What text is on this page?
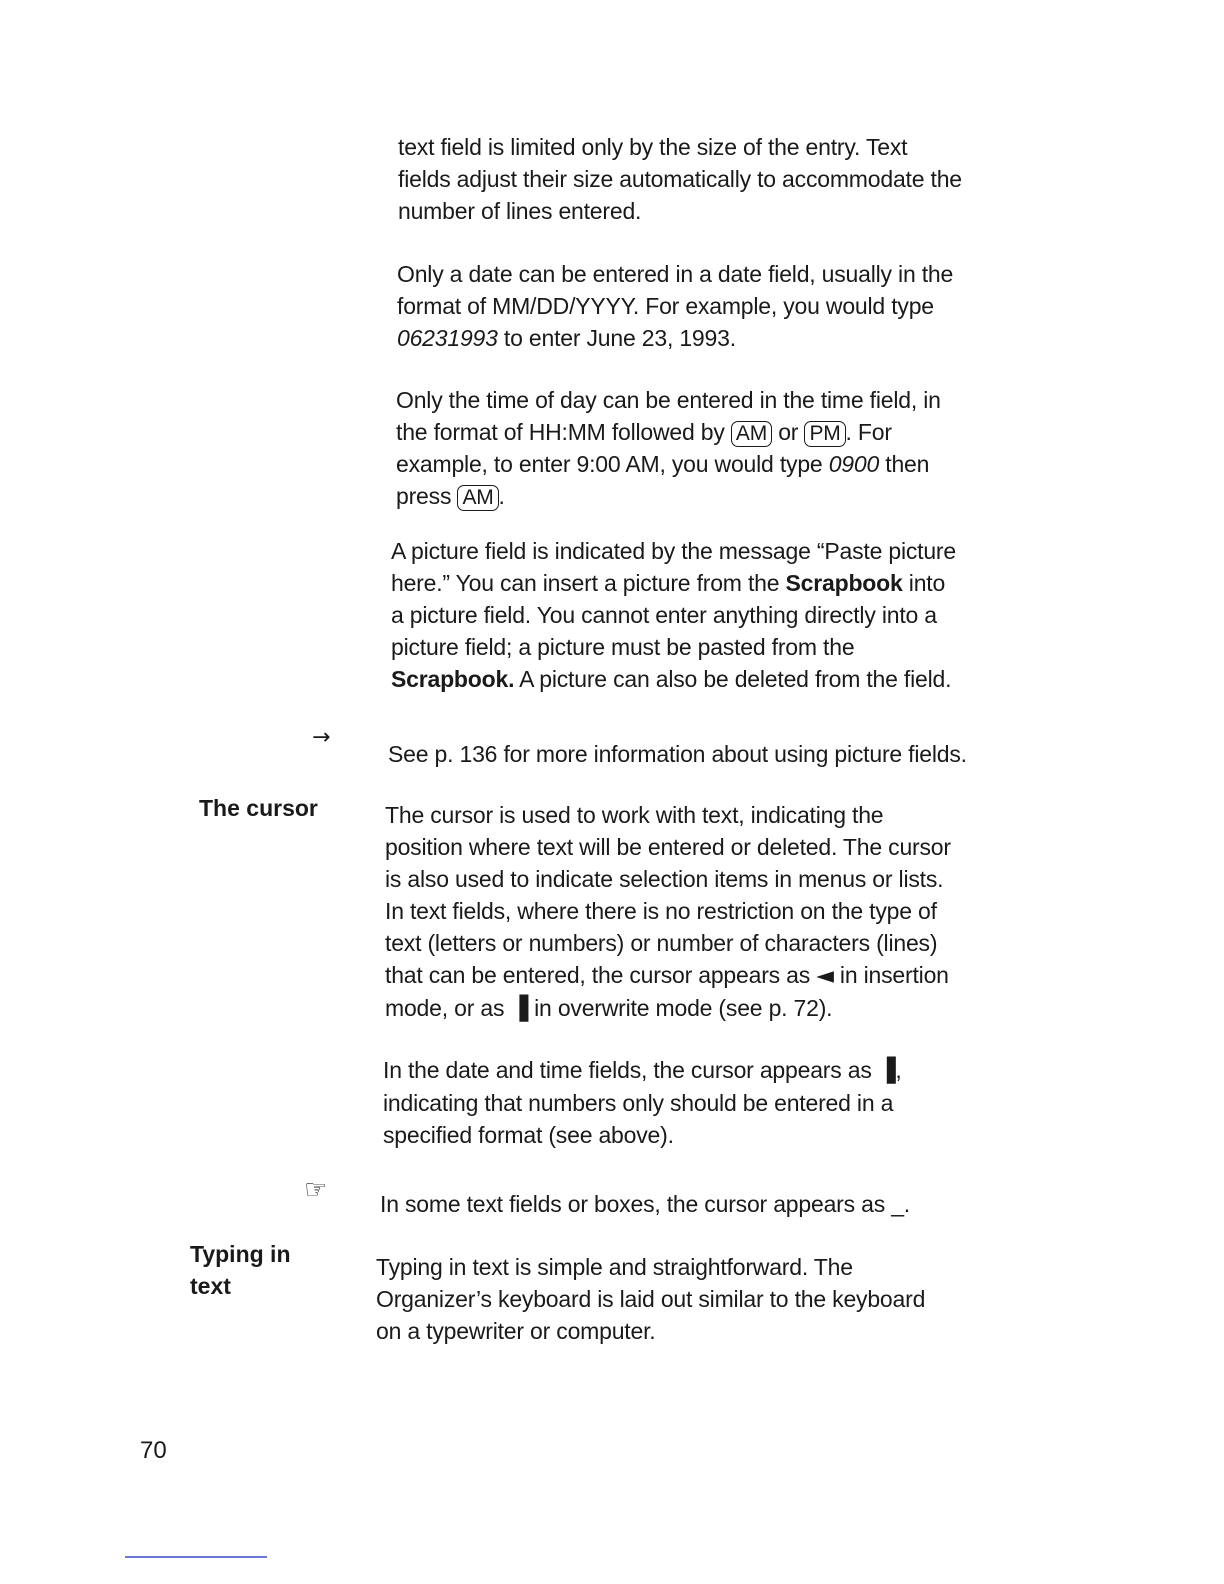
text field is limited only by the size of the entry. Text

fields adjust their size automatically to accommodate the

number of lines entered.

Only a date can be entered in a date field, usually in the

format of MM/DD/YYYY. For example, you would type

06231993 to enter June 23, 1993.

Only the time of day can be entered in the time field, in

the format of HH:MM followed by AM or PM . For

example, to enter 9:00 AM, you would type 0900 then

press AM .

A picture field is indicated by the message “Paste picture

here.” You can insert a picture from the Scrapbook into

a picture field. You cannot enter anything directly into a

picture field; a picture must be pasted from the

Scrapbook. A picture can also be deleted from the field.

→

See p. 136 for more information about using picture fields.

The cursor	The cursor is used to work with text, indicating the

position where text will be entered or deleted. The cursor

is also used to indicate selection items in menus or lists.

In text fields, where there is no restriction on the type of

text (letters or numbers) or number of characters (lines)

that can be entered, the cursor appears as ◄ in insertion

mode, or as ▐ in overwrite mode (see p. 72).

In the date and time fields, the cursor appears as ▐,

indicating that numbers only should be entered in a

specified format (see above).

☞ In some text fields or boxes, the cursor appears as _.

Typing in
text

Typing in text is simple and straightforward. The

Organizer’s keyboard is laid out similar to the keyboard

on a typewriter or computer.

70
